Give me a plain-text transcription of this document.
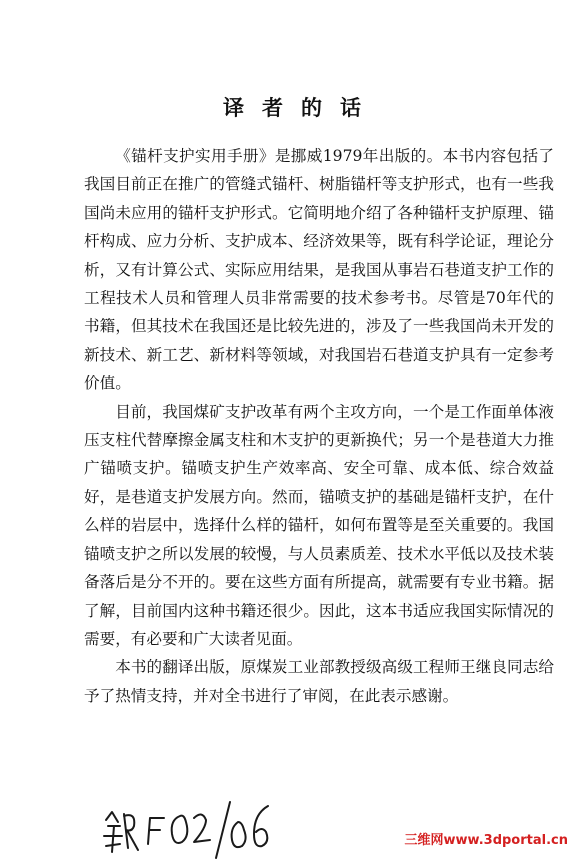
译者的话

《锚杆支护实用手册》是挪威1979年出版的。本书内容包括了我国目前正在推广的管缝式锚杆、树脂锚杆等支护形式，也有一些我国尚未应用的锚杆支护形式。它简明地介绍了各种锚杆支护原理、锚杆构成、应力分析、支护成本、经济效果等，既有科学论证，理论分析，又有计算公式、实际应用结果，是我国从事岩石巷道支护工作的工程技术人员和管理人员非常需要的技术参考书。尽管是70年代的书籍，但其技术在我国还是比较先进的，涉及了一些我国尚未开发的新技术、新工艺、新材料等领域，对我国岩石巷道支护具有一定参考价值。

目前，我国煤矿支护改革有两个主攻方向，一个是工作面单体液压支柱代替摩擦金属支柱和木支护的更新换代；另一个是巷道大力推广锚喷支护。锚喷支护生产效率高、安全可靠、成本低、综合效益好，是巷道支护发展方向。然而，锚喷支护的基础是锚杆支护，在什么样的岩层中，选择什么样的锚杆，如何布置等是至关重要的。我国锚喷支护之所以发展的较慢，与人员素质差、技术水平低以及技术装备落后是分不开的。要在这些方面有所提高，就需要有专业书籍。据了解，目前国内这种书籍还很少。因此，这本书适应我国实际情况的需要，有必要和广大读者见面。

本书的翻译出版，原煤炭工业部教授级高级工程师王继良同志给予了热情支持，并对全书进行了审阅，在此表示感谢。

三维网www.3dportal.cn
